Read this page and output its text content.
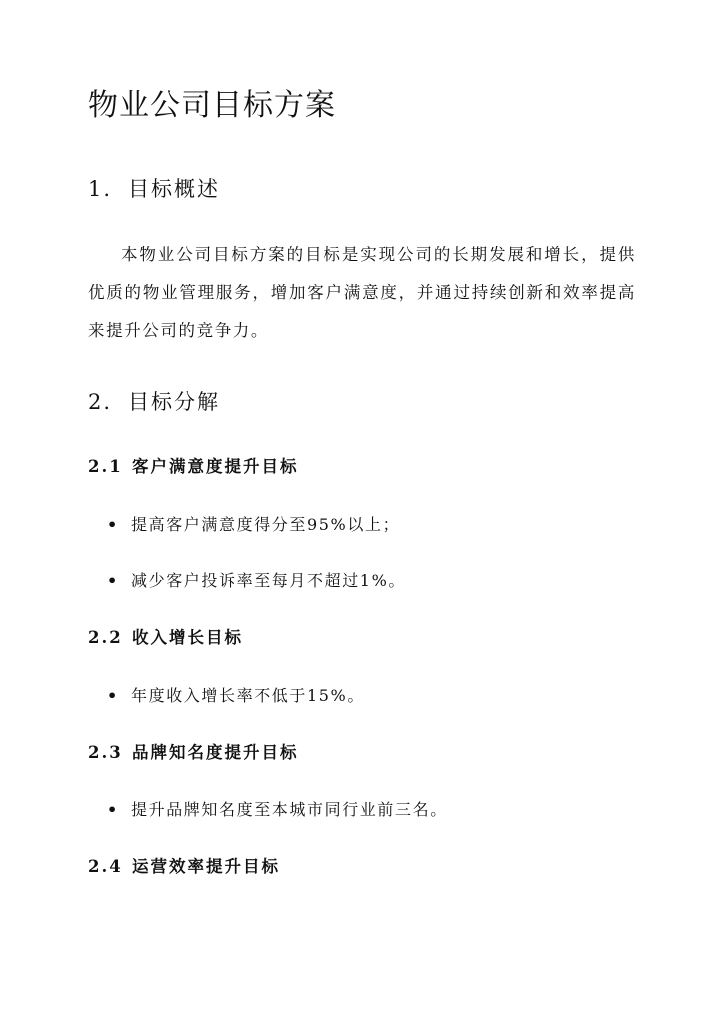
物业公司目标方案
1. 目标概述

本物业公司目标方案的目标是实现公司的长期发展和增长，提供优质的物业管理服务，增加客户满意度，并通过持续创新和效率提高来提升公司的竞争力。

2. 目标分解
2.1 客户满意度提升目标

• 提高客户满意度得分至95%以上；

• 减少客户投诉率至每月不超过1%。

2.2 收入增长目标

• 年度收入增长率不低于15%。

2.3 品牌知名度提升目标

• 提升品牌知名度至本城市同行业前三名。

2.4 运营效率提升目标
